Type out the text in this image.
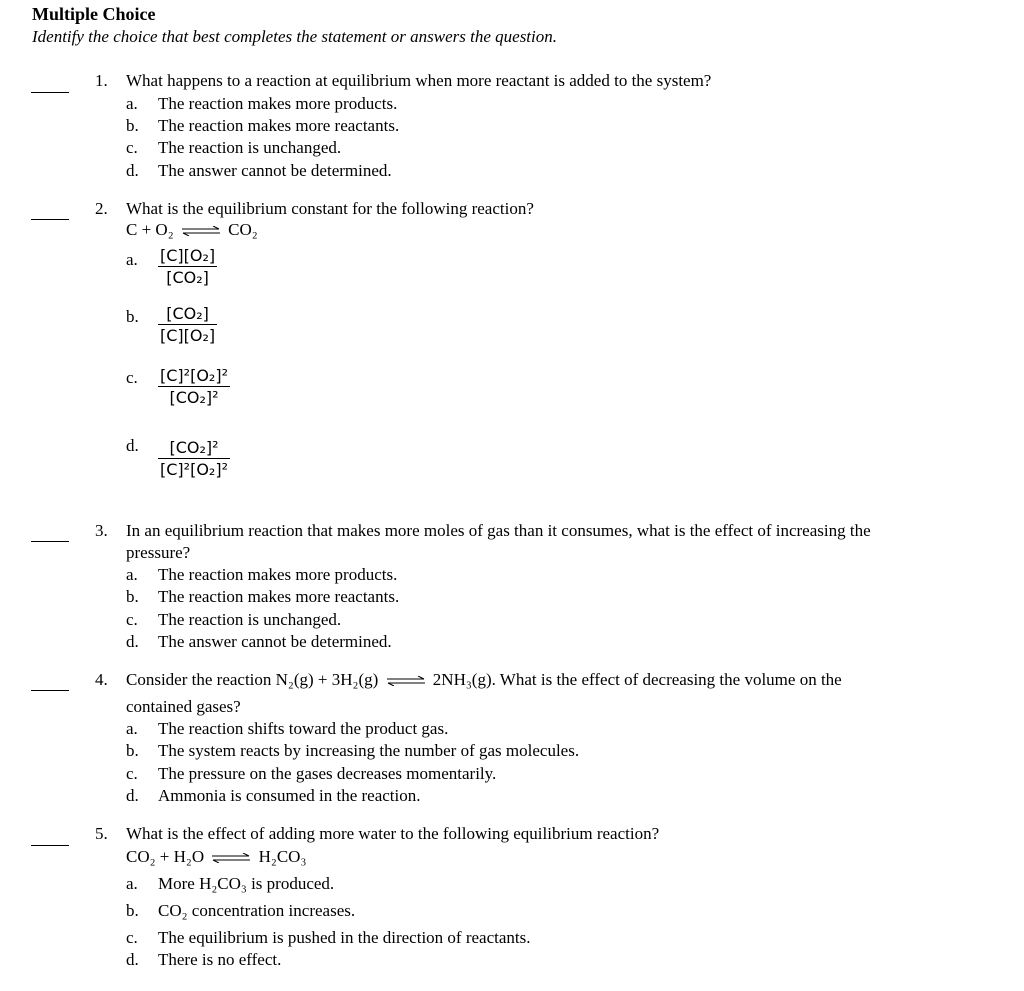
Multiple Choice
Identify the choice that best completes the statement or answers the question.
1. What happens to a reaction at equilibrium when more reactant is added to the system?
a. The reaction makes more products.
b. The reaction makes more reactants.
c. The reaction is unchanged.
d. The answer cannot be determined.
2. What is the equilibrium constant for the following reaction?
C + O₂ ⇌ CO₂
a. [C][O₂]
[CO₂]
b.	[CO₂]
[C][O₂]
c. [C]²[O₂]²
[CO₂]²
d.	[CO₂]²
[C]²[O₂]²
3. In an equilibrium reaction that makes more moles of gas than it consumes, what is the effect of increasing the
pressure?
a. The reaction makes more products.
b. The reaction makes more reactants.
c. The reaction is unchanged.
d. The answer cannot be determined.
4. Consider the reaction N₂(g) + 3H₂(g) ⇌ 2NH₃(g). What is the effect of decreasing the volume on the
contained gases?
a. The reaction shifts toward the product gas.
b. The system reacts by increasing the number of gas molecules.
c. The pressure on the gases decreases momentarily.
d. Ammonia is consumed in the reaction.
5. What is the effect of adding more water to the following equilibrium reaction?
CO₂ + H₂O ⇌ H₂CO₃
a. More H₂CO₃ is produced.
b. CO₂ concentration increases.
c. The equilibrium is pushed in the direction of reactants.
d. There is no effect.
